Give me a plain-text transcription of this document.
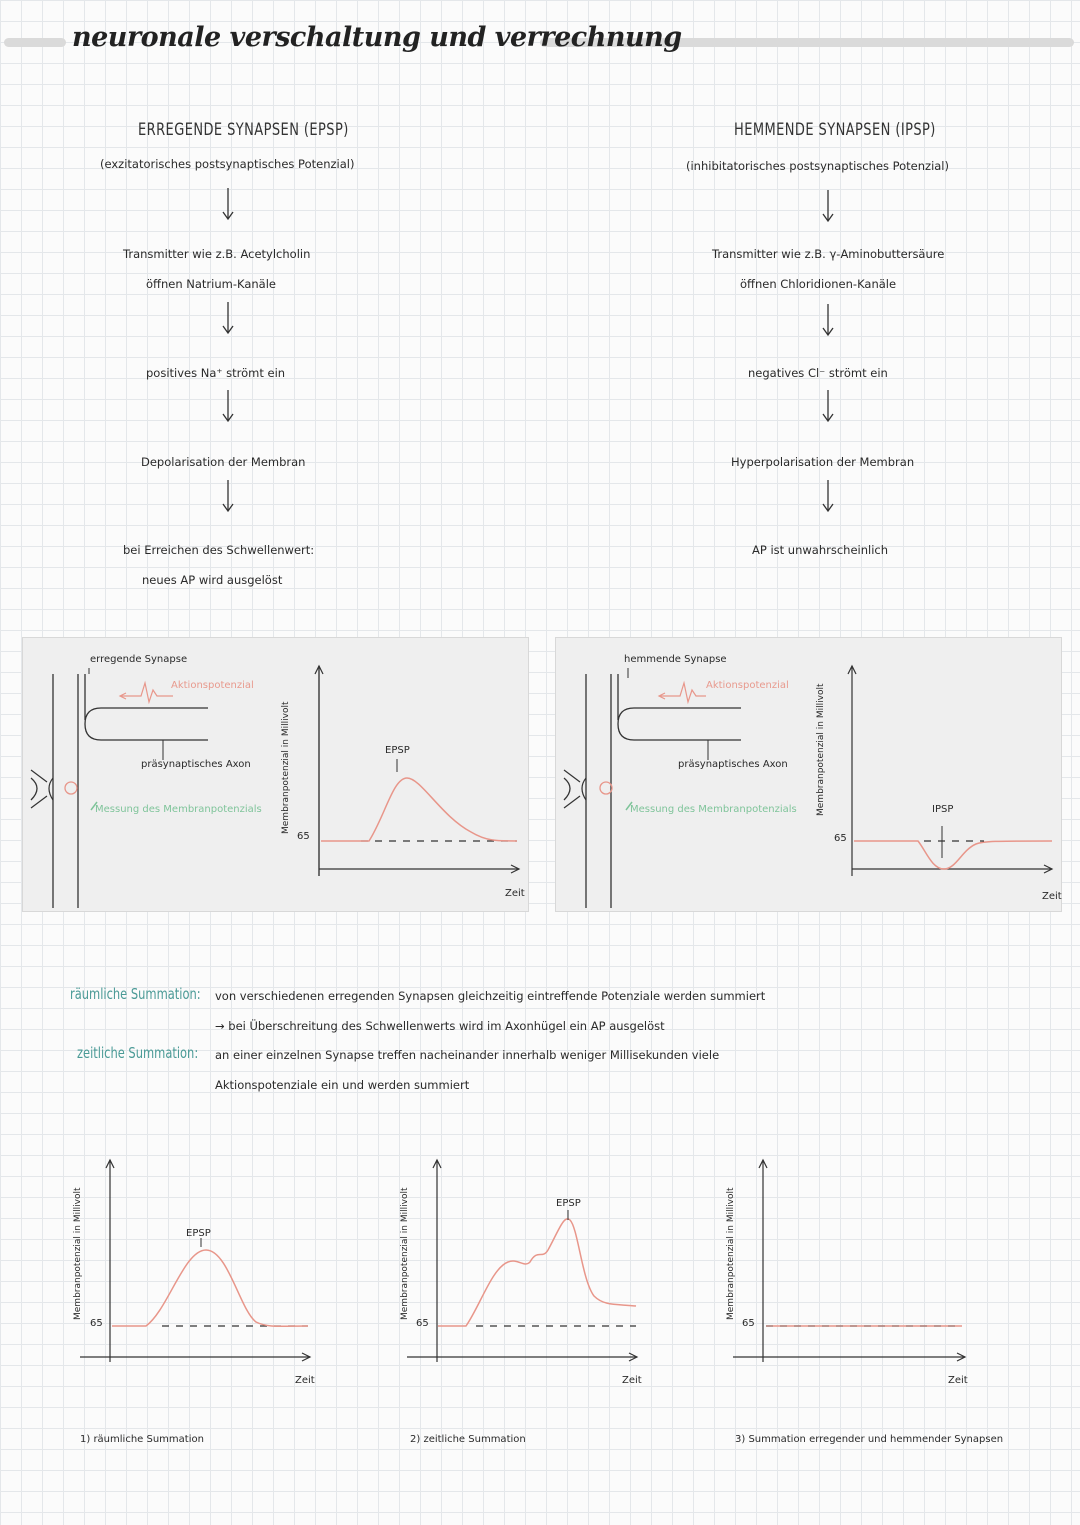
neuronale verschaltung und verrechnung
ERREGENDE SYNAPSEN (EPSP)
(exzitatorisches postsynaptisches Potenzial)
Transmitter wie z.B. Acetylcholin
öffnen Natrium-Kanäle
positives Na⁺ strömt ein
Depolarisation der Membran
bei Erreichen des Schwellenwert:
neues AP wird ausgelöst
HEMMENDE SYNAPSEN (IPSP)
(inhibitatorisches postsynaptisches Potenzial)
Transmitter wie z.B. γ-Aminobuttersäure
öffnen Chloridionen-Kanäle
negatives Cl⁻ strömt ein
Hyperpolarisation der Membran
AP ist unwahrscheinlich
erregende Synapse
Aktionspotenzial
präsynaptisches Axon
Messung des Membranpotenzials Membranpotenzial in Millivolt
65
EPSP
Zeit
hemmende Synapse
Aktionspotenzial
präsynaptisches Axon
Messung des Membranpotenzials Membranpotenzial in Millivolt
65
IPSP
Zeit
räumliche Summation: von verschiedenen erregenden Synapsen gleichzeitig eintreffende Potenziale werden summiert
→ bei Überschreitung des Schwellenwerts wird im Axonhügel ein AP ausgelöst
zeitliche Summation: an einer einzelnen Synapse treffen nacheinander innerhalb weniger Millisekunden viele
Aktionspotenziale ein und werden summiert
Membranpotenzial in Millivolt
65
EPSP
Zeit
1) räumliche Summation
Membranpotenzial in Millivolt
65
EPSP
Zeit
2) zeitliche Summation
Membranpotenzial in Millivolt
65
Zeit
3) Summation erregender und hemmender Synapsen
